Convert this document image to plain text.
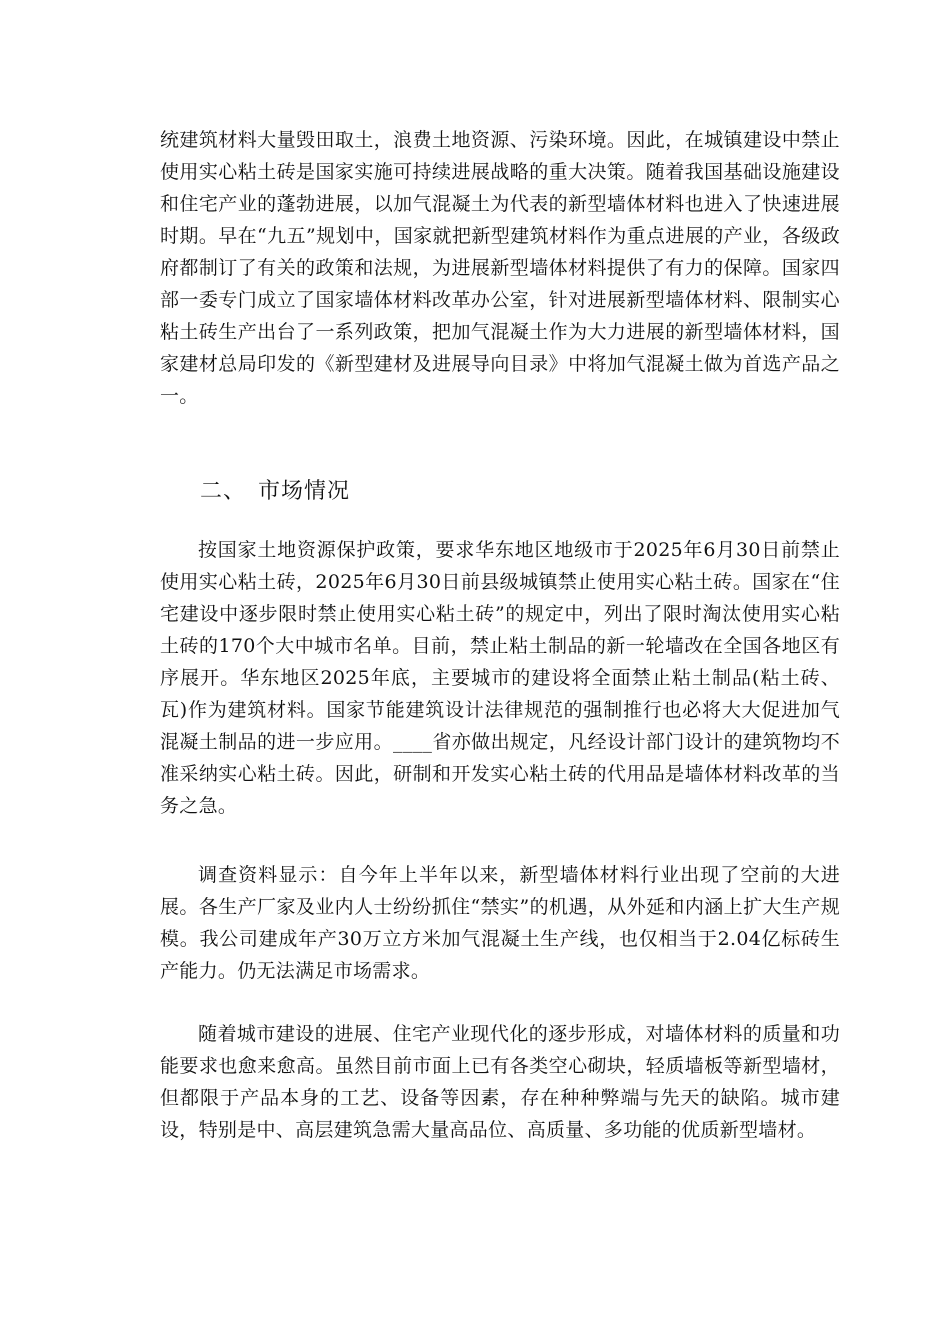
统建筑材料大量毁田取土，浪费土地资源、污染环境。因此，在城镇建设中禁止使用实心粘土砖是国家实施可持续进展战略的重大决策。随着我国基础设施建设和住宅产业的蓬勃进展，以加气混凝土为代表的新型墙体材料也进入了快速进展时期。早在“九五”规划中，国家就把新型建筑材料作为重点进展的产业，各级政府都制订了有关的政策和法规，为进展新型墙体材料提供了有力的保障。国家四部一委专门成立了国家墙体材料改革办公室，针对进展新型墙体材料、限制实心粘土砖生产出台了一系列政策，把加气混凝土作为大力进展的新型墙体材料，国家建材总局印发的《新型建材及进展导向目录》中将加气混凝土做为首选产品之一。

二、 市场情况

按国家土地资源保护政策，要求华东地区地级市于2025年6月30日前禁止使用实心粘土砖，2025年6月30日前县级城镇禁止使用实心粘土砖。国家在“住宅建设中逐步限时禁止使用实心粘土砖”的规定中，列出了限时淘汰使用实心粘土砖的170个大中城市名单。目前，禁止粘土制品的新一轮墙改在全国各地区有序展开。华东地区2025年底，主要城市的建设将全面禁止粘土制品(粘土砖、瓦)作为建筑材料。国家节能建筑设计法律规范的强制推行也必将大大促进加气混凝土制品的进一步应用。____省亦做出规定，凡经设计部门设计的建筑物均不准采纳实心粘土砖。因此，研制和开发实心粘土砖的代用品是墙体材料改革的当务之急。

调查资料显示：自今年上半年以来，新型墙体材料行业出现了空前的大进展。各生产厂家及业内人士纷纷抓住“禁实”的机遇，从外延和内涵上扩大生产规模。我公司建成年产30万立方米加气混凝土生产线，也仅相当于2.04亿标砖生产能力。仍无法满足市场需求。

随着城市建设的进展、住宅产业现代化的逐步形成，对墙体材料的质量和功能要求也愈来愈高。虽然目前市面上已有各类空心砌块，轻质墙板等新型墙材，但都限于产品本身的工艺、设备等因素，存在种种弊端与先天的缺陷。城市建设，特别是中、高层建筑急需大量高品位、高质量、多功能的优质新型墙材。
